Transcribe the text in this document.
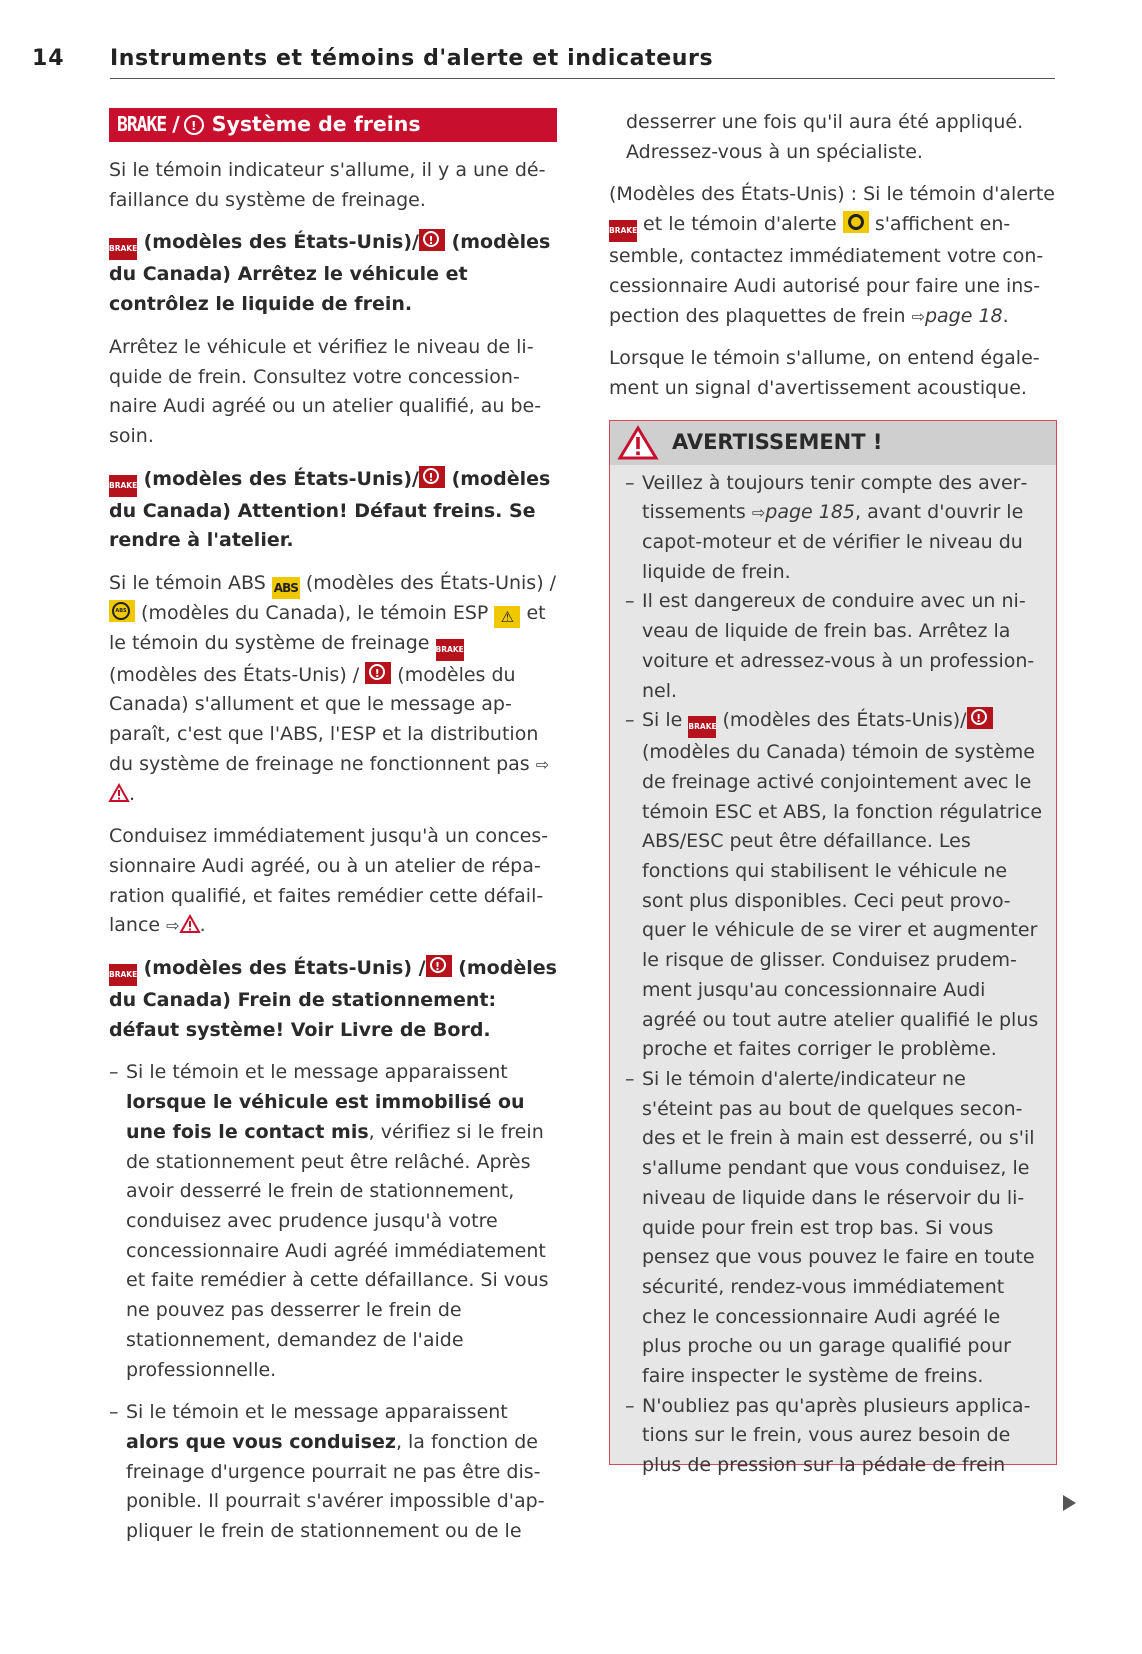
14 Instruments et témoins d'alerte et indicateurs
BRAKE / ! Système de freins

Si le témoin indicateur s'allume, il y a une défaillance du système de freinage.

BRAKE (modèles des États-Unis)/! (modèles du Canada) Arrêtez le véhicule et contrôlez le liquide de frein.

Arrêtez le véhicule et vérifiez le niveau de liquide de frein. Consultez votre concessionnaire Audi agréé ou un atelier qualifié, au besoin.

BRAKE (modèles des États-Unis)/! (modèles du Canada) Attention! Défaut freins. Se rendre à l'atelier.

Si le témoin ABS ABS (modèles des États-Unis) / ABS (modèles du Canada), le témoin ESP ⚠ et le témoin du système de freinage BRAKE (modèles des États-Unis) / ! (modèles du Canada) s'allument et que le message apparaît, c'est que l'ABS, l'ESP et la distribution du système de freinage ne fonctionnent pas ⇨
.

Conduisez immédiatement jusqu'à un concessionnaire Audi agréé, ou à un atelier de réparation qualifié, et faites remédier cette défaillance ⇨ .

BRAKE (modèles des États-Unis) /! (modèles du Canada) Frein de stationnement: défaut système! Voir Livre de Bord.

– Si le témoin et le message apparaissent lorsque le véhicule est immobilisé ou une fois le contact mis, vérifiez si le frein de stationnement peut être relâché. Après avoir desserré le frein de stationnement, conduisez avec prudence jusqu'à votre concessionnaire Audi agréé immédiatement et faite remédier à cette défaillance. Si vous ne pouvez pas desserrer le frein de stationnement, demandez de l'aide professionnelle.
– Si le témoin et le message apparaissent alors que vous conduisez, la fonction de freinage d'urgence pourrait ne pas être disponible. Il pourrait s'avérer impossible d'appliquer le frein de stationnement ou de le

desserrer une fois qu'il aura été appliqué. Adressez-vous à un spécialiste.

(Modèles des États-Unis) : Si le témoin d'alerte BRAKE et le témoin d'alerte s'affichent ensemble, contactez immédiatement votre concessionnaire Audi autorisé pour faire une inspection des plaquettes de frein ⇨page 18.

Lorsque le témoin s'allume, on entend également un signal d'avertissement acoustique.

AVERTISSEMENT !
– Veillez à toujours tenir compte des avertissements ⇨page 185, avant d'ouvrir le capot-moteur et de vérifier le niveau du liquide de frein.
– Il est dangereux de conduire avec un niveau de liquide de frein bas. Arrêtez la voiture et adressez-vous à un professionnel.
– Si le BRAKE (modèles des États-Unis)/! (modèles du Canada) témoin de système de freinage activé conjointement avec le témoin ESC et ABS, la fonction régulatrice ABS/ESC peut être défaillance. Les fonctions qui stabilisent le véhicule ne sont plus disponibles. Ceci peut provoquer le véhicule de se virer et augmenter le risque de glisser. Conduisez prudemment jusqu'au concessionnaire Audi agréé ou tout autre atelier qualifié le plus proche et faites corriger le problème.
– Si le témoin d'alerte/indicateur ne s'éteint pas au bout de quelques secondes et le frein à main est desserré, ou s'il s'allume pendant que vous conduisez, le niveau de liquide dans le réservoir du liquide pour frein est trop bas. Si vous pensez que vous pouvez le faire en toute sécurité, rendez-vous immédiatement chez le concessionnaire Audi agréé le plus proche ou un garage qualifié pour faire inspecter le système de freins.
– N'oubliez pas qu'après plusieurs applications sur le frein, vous aurez besoin de plus de pression sur la pédale de frein
